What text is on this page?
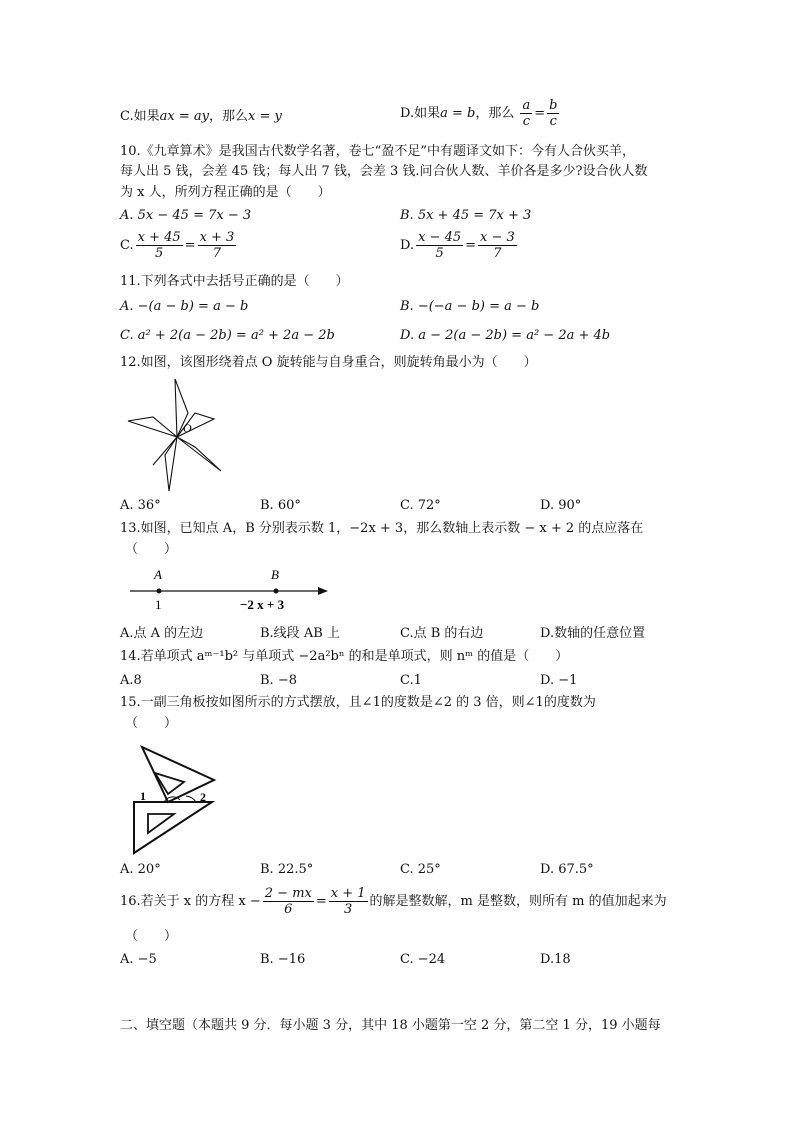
C.如果ax = ay，那么x = y	D.如果a = b，那么 $\frac{a}{c} = \frac{b}{c}$
10.《九章算术》是我国古代数学名著，卷七“盈不足”中有题译文如下：今有人合伙买羊，
每人出 5 钱，会差 45 钱；每人出 7 钱，会差 3 钱.问合伙人数、羊价各是多少?设合伙人数
为 x 人，所列方程正确的是（　　）
A. 5x − 45 = 7x − 3	B. 5x + 45 = 7x + 3
C. $\frac{x + 45}{5} = \frac{x + 3}{7}$	D. $\frac{x - 45}{5} = \frac{x - 3}{7}$
11.下列各式中去括号正确的是（　　）
A. −(a − b) = a − b	B. −(−a − b) = a − b
C. a² + 2(a − 2b) = a² + 2a − 2b	D. a − 2(a − 2b) = a² − 2a + 4b
12.如图，该图形绕着点 O 旋转能与自身重合，则旋转角最小为（　　）
O
A. 36°	B. 60°	C. 72°	D. 90°
13.如图，已知点 A，B 分别表示数 1，−2x + 3，那么数轴上表示数 − x + 2 的点应落在
（　　）
A	B
1	−2 x + 3
A.点 A 的左边	B.线段 AB 上	C.点 B 的右边	D.数轴的任意位置
14.若单项式 aᵐ⁻¹b² 与单项式 −2a²bⁿ 的和是单项式，则 nᵐ 的值是（　　）
A.8	B. −8	C.1	D. −1
15.一副三角板按如图所示的方式摆放，且∠1的度数是∠2 的 3 倍，则∠1的度数为
（　　）
1	2
A. 20°	B. 22.5°	C. 25°	D. 67.5°
16.若关于 x 的方程 $x - \frac{2 - mx}{6} = \frac{x + 1}{3}$ 的解是整数解，m 是整数，则所有 m 的值加起来为
（　　）
A. −5	B. −16	C. −24	D.18
二、填空题（本题共 9 分．每小题 3 分，其中 18 小题第一空 2 分，第二空 1 分，19 小题每
